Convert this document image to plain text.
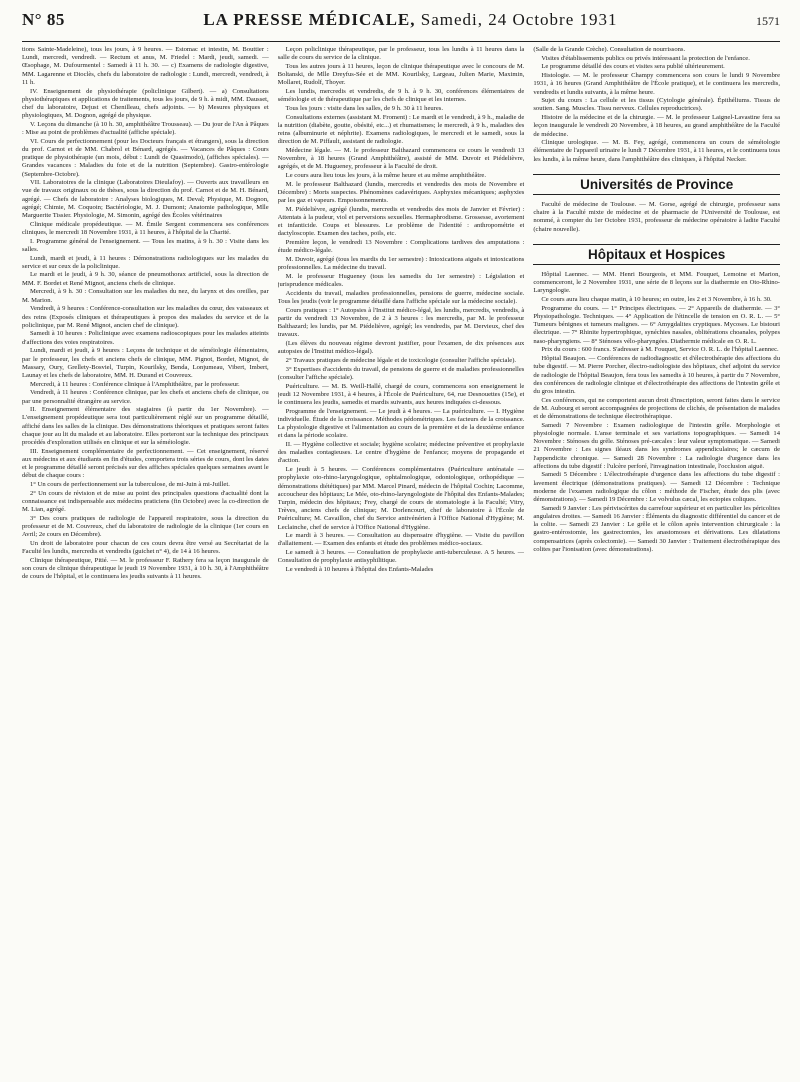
N° 85	LA PRESSE MÉDICALE, Samedi, 24 Octobre 1931	1571

tions Sainte-Madeleine), tous les jours, à 9 heures. — Estomac et intestin, M. Bouttier : Lundi, mercredi, vendredi. — Rectum et anus, M. Friedel : Mardi, jeudi, samedi. — Œsophage, M. Dufourmentel : Samedi à 11 h. 30. — c) Examens de radiologie digestive, MM. Lagarenne et Dioclès, chefs du laboratoire de radiologie : Lundi, mercredi, vendredi, à 11 h.

IV. Enseignement de physiothérapie (policlinique Gilbert). — a) Consultations physiothérapiques et applications de traitements, tous les jours, de 9 h. à midi, MM. Dausset, chef du laboratoire, Dejust et Chenilleau, chefs adjoints. — b) Mesures physiques et physiologiques, M. Dognon, agrégé de physique.

V. Leçons du dimanche (à 10 h. 30, amphithéâtre Trousseau). — Du jour de l'An à Pâques : Mise au point de problèmes d'actualité (affiche spéciale).

VI. Cours de perfectionnement (pour les Docteurs français et étrangers), sous la direction du prof. Carnot et de MM. Chabrol et Bénard, agrégés. — Vacances de Pâques : Cours pratique de physiothérapie (un mois, début : Lundi de Quasimodo), (affiches spéciales). — Grandes vacances : Maladies du foie et de la nutrition (Septembre). Gastro-entérologie (Septembre-Octobre).

VII. Laboratoires de la clinique (Laboratoires Dieulafoy). — Ouverts aux travailleurs en vue de travaux originaux ou de thèses, sous la direction du prof. Carnot et de M. H. Bénard, agrégé. — Chefs de laboratoire : Analyses biologiques, M. Deval; Physique, M. Dognon, agrégé; Chimie, M. Coquoin; Bactériologie, M. J. Dumont; Anatomie pathologique, Mlle Marguerite Tissier. Physiologie, M. Simonin, agrégé des Écoles vétérinaires

Clinique médicale propédeutique. — M. Émile Sergent commencera ses conférences cliniques, le mercredi 18 Novembre 1931, à 11 heures, à l'hôpital de la Charité.

I. Programme général de l'enseignement. — Tous les matins, à 9 h. 30 : Visite dans les salles.

Lundi, mardi et jeudi, à 11 heures : Démonstrations radiologiques sur les malades du service et sur ceux de la policlinique.

Le mardi et le jeudi, à 9 h. 30, séance de pneumothorax artificiel, sous la direction de MM. F. Bordet et René Mignot, anciens chefs de clinique.

Mercredi, à 9 h. 30 : Consultation sur les maladies du nez, du larynx et des oreilles, par M. Marion.

Vendredi, à 9 heures : Conférence-consultation sur les maladies du cœur, des vaisseaux et des reins (Exposés cliniques et thérapeutiques à propos des malades du service et de la policlinique, par M. René Mignot, ancien chef de clinique).

Samedi à 10 heures : Policlinique avec examens radioscopiques pour les malades atteints d'affections des voies respiratoires.

Lundi, mardi et jeudi, à 9 heures : Leçons de technique et de séméiologie élémentaires, par le professeur, les chefs et anciens chefs de clinique, MM. Pignot, Bordet, Mignot, de Massary, Oury, Grellety-Bosviel, Turpin, Kourilsky, Benda, Lonjumeau, Vibert, Imbert, Launay et les chefs de laboratoire, MM. H. Durand et Couvreux.

Mercredi, à 11 heures : Conférence clinique à l'Amphithéâtre, par le professeur.

Vendredi, à 11 heures : Conférence clinique, par les chefs et anciens chefs de clinique, ou par une personnalité étrangère au service.

II. Enseignement élémentaire des stagiaires (à partir du 1er Novembre). — L'enseignement propédeutique sera tout particulièrement réglé sur un programme détaillé, affiché dans les salles de la clinique. Des démonstrations théoriques et pratiques seront faites chaque jour au lit du malade et au laboratoire. Elles porteront sur la technique des principaux procédés d'exploration utilisés en clinique et sur la séméiologie.

III. Enseignement complémentaire de perfectionnement. — Cet enseignement, réservé aux médecins et aux étudiants en fin d'études, comportera trois séries de cours, dont les dates et le programme détaillé seront précisés sur des affiches spéciales quelques semaines avant le début de chaque cours :

1° Un cours de perfectionnement sur la tuberculose, de mi-Juin à mi-Juillet.

2° Un cours de révision et de mise au point des principales questions d'actualité dont la connaissance est indispensable aux médecins praticiens (fin Octobre) avec la co-direction de M. Lian, agrégé.

3° Des cours pratiques de radiologie de l'appareil respiratoire, sous la direction du professeur et de M. Couvreux, chef du laboratoire de radiologie de la clinique (1er cours en Avril; 2e cours en Décembre).

Un droit de laboratoire pour chacun de ces cours devra être versé au Secrétariat de la Faculté les lundis, mercredis et vendredis (guichet n° 4), de 14 à 16 heures.

Clinique thérapeutique, Pitié. — M. le professeur F. Rathery fera sa leçon inaugurale de son cours de clinique thérapeutique le jeudi 19 Novembre 1931, à 10 h. 30, à l'Amphithéâtre de cours de l'hôpital, et le continuera les jeudis suivants à 11 heures.

Leçon policlinique thérapeutique, par le professeur, tous les lundis à 11 heures dans la salle de cours du service de la clinique.

Tous les autres jours à 11 heures, leçon de clinique thérapeutique avec le concours de M. Boltanski, de Mlle Dreyfus-Sée et de MM. Kourilsky, Largeau, Julien Marie, Maximin, Mollaret, Rudolf, Thoyer.

Les lundis, mercredis et vendredis, de 9 h. à 9 h. 30, conférences élémentaires de séméiologie et de thérapeutique par les chefs de clinique et les internes.

Tous les jours : visite dans les salles, de 9 h. 30 à 11 heures.

Consultations externes (assistant M. Froment) : Le mardi et le vendredi, à 9 h., maladie de la nutrition (diabète, goutte, obésité, etc...) et rhumatismes; le mercredi, à 9 h., maladies des reins (albuminurie et néphrite). Examens radiologiques, le mercredi et le samedi, sous la direction de M. Piffault, assistant de radiologie.

Médecine légale. — M. le professeur Balthazard commencera ce cours le vendredi 13 Novembre, à 18 heures (Grand Amphithéâtre), assisté de MM. Duvoir et Piédelièvre, agrégés, et de M. Hugueney, professeur à la Faculté de droit.

Le cours aura lieu tous les jours, à la même heure et au même amphithéâtre.

M. le professeur Balthazard (lundis, mercredis et vendredis des mois de Novembre et Décembre) : Morts suspectes. Phénomènes cadavériques. Asphyxies mécaniques; asphyxies par les gaz et vapeurs. Empoisonnements.

M. Piédelièvre, agrégé (lundis, mercredis et vendredis des mois de Janvier et Février) : Attentats à la pudeur, viol et perversions sexuelles. Hermaphrodisme. Grossesse, avortement et infanticide. Coups et blessures. Le problème de l'identité : anthropométrie et dactyloscopie. Examen des taches, poils, etc.

Première leçon, le vendredi 13 Novembre : Complications tardives des amputations : étude médico-légale.

M. Duvoir, agrégé (tous les mardis du 1er semestre) : Intoxications aiguës et intoxications professionnelles. La médecine du travail.

M. le professeur Hugueney (tous les samedis du 1er semestre) : Législation et jurisprudence médicales.

Accidents du travail, maladies professionnelles, pensions de guerre, médecine sociale. Tous les jeudis (voir le programme détaillé dans l'affiche spéciale sur la médecine sociale).

Cours pratiques : 1° Autopsies à l'Institut médico-légal, les lundis, mercredis, vendredis, à partir du vendredi 13 Novembre, de 2 à 3 heures : les mercredis, par M. le professeur Balthazard; les lundis, par M. Piédelièvre, agrégé; les vendredis, par M. Dervieux, chef des travaux.

(Les élèves du nouveau régime devront justifier, pour l'examen, de dix présences aux autopsies de l'Institut médico-légal).

2° Travaux pratiques de médecine légale et de toxicologie (consulter l'affiche spéciale).

3° Expertises d'accidents du travail, de pensions de guerre et de maladies professionnelles (consulter l'affiche spéciale).

Puériculture. — M. B. Weill-Hallé, chargé de cours, commencera son enseignement le jeudi 12 Novembre 1931, à 4 heures, à l'École de Puériculture, 64, rue Desnouettes (15e), et le continuera les jeudis, samedis et mardis suivants, aux heures indiquées ci-dessous.

Programme de l'enseignement. — Le jeudi à 4 heures. — La puériculture. — I. Hygiène individuelle. Étude de la croissance. Méthodes pédométriques. Les facteurs de la croissance. La physiologie digestive et l'alimentation au cours de la première et de la deuxième enfance et dans la période scolaire.

II. — Hygiène collective et sociale; hygiène scolaire; médecine préventive et prophylaxie des maladies contagieuses. Le centre d'hygiène de l'enfance; moyens de propagande et d'action.

Le jeudi à 5 heures. — Conférences complémentaires (Puériculture anténatale — prophylaxie oto-rhino-laryngologique, ophtalmologique, odontologique, orthopédique — démonstrations diététiques) par MM. Marcel Pinard, médecin de l'hôpital Cochin; Lacomme, accoucheur des hôpitaux; Le Mée, oto-rhino-laryngologiste de l'hôpital des Enfants-Malades; Turpin, médecin des hôpitaux; Frey, chargé de cours de stomatologie à la Faculté; Vitry, Trèves, anciens chefs de clinique; M. Dorlencourt, chef de laboratoire à l'École de Puériculture; M. Cavaillon, chef du Service antivénérien à l'Office National d'Hygiène; M. Leclainche, chef de service à l'Office National d'Hygiène.

Le mardi à 3 heures. — Consultation au dispensaire d'hygiène. — Visite du pavillon d'allaitement. — Examen des enfants et étude des problèmes médico-sociaux.

Le samedi à 3 heures. — Consultation de prophylaxie anti-tuberculeuse. A 5 heures. — Consultation de prophylaxie antisyphilitique.

Le vendredi à 10 heures à l'hôpital des Enfants-Malades

(Salle de la Grande Crèche). Consultation de nourrissons.

Visites d'établissements publics ou privés intéressant la protection de l'enfance.

Le programme détaillé des cours et visites sera publié ultérieurement.

Histologie. — M. le professeur Champy commencera son cours le lundi 9 Novembre 1931, à 16 heures (Grand Amphithéâtre de l'École pratique), et le continuera les mercredis, vendredis et lundis suivants, à la même heure.

Sujet du cours : La cellule et les tissus (Cytologie générale). Épithéliums. Tissus de soutien. Sang. Muscles. Tissu nerveux. Cellules reproductrices).

Histoire de la médecine et de la chirurgie. — M. le professeur Laignel-Lavastine fera sa leçon inaugurale le vendredi 20 Novembre, à 18 heures, au grand amphithéâtre de la Faculté de médecine.

Clinique urologique. — M. B. Fey, agrégé, commencera un cours de séméiologie élémentaire de l'appareil urinaire le lundi 7 Décembre 1931, à 11 heures, et le continuera tous les lundis, à la même heure, dans l'amphithéâtre des cliniques, à l'hôpital Necker.

Universités de Province

Faculté de médecine de Toulouse. — M. Gorse, agrégé de chirurgie, professeur sans chaire à la Faculté mixte de médecine et de pharmacie de l'Université de Toulouse, est nommé, à compter du 1er Octobre 1931, professeur de médecine opératoire à ladite Faculté (chaire nouvelle).

Hôpitaux et Hospices

Hôpital Laennec. — MM. Henri Bourgeois, et MM. Fouquet, Lemoine et Marion, commenceront, le 2 Novembre 1931, une série de 8 leçons sur la diathermie en Oto-Rhino-Laryngologie.

Ce cours aura lieu chaque matin, à 10 heures; en outre, les 2 et 3 Novembre, à 16 h. 30.

Programme du cours. — 1° Principes électriques. — 2° Appareils de diathermie. — 3° Physiopathologie. Techniques. — 4° Application de l'étincelle de tension en O. R. L. — 5° Tumeurs bénignes et tumeurs malignes. — 6° Amygdalites cryptiques. Mycoses. Le bistouri électrique. — 7° Rhinite hypertrophique, synéchies nasales, oblitérations choanales, polypes naso-pharyngiens. — 8° Sténoses vélo-pharyngées. Diathermie médicale en O. R. L.

Prix du cours : 600 francs. S'adresser à M. Fouquet, Service O. R. L. de l'hôpital Laennec.

Hôpital Beaujon. — Conférences de radiodiagnostic et d'électrothérapie des affections du tube digestif. — M. Pierre Porcher, électro-radiologiste des hôpitaux, chef adjoint du service de radiologie de l'hôpital Beaujon, fera tous les samedis à 10 heures, à partir du 7 Novembre, des conférences de radiologie clinique et d'électrothérapie des affections de l'intestin grêle et du gros intestin.

Ces conférences, qui ne comportent aucun droit d'inscription, seront faites dans le service de M. Aubourg et seront accompagnées de projections de clichés, de présentation de malades et de démonstrations de technique électrothérapique.

Samedi 7 Novembre : Examen radiologique de l'intestin grêle. Morphologie et physiologie normale. L'anse terminale et ses variations topographiques. — Samedi 14 Novembre : Sténoses du grêle. Sténoses pré-cæcales : leur valeur symptomatique. — Samedi 21 Novembre : Les signes iléaux dans les syndromes appendiculaires; le cæcum de l'appendicite chronique. — Samedi 28 Novembre : La radiologie d'urgence dans les affections du tube digestif : l'ulcère perforé, l'invagination intestinale, l'occlusion aiguë.

Samedi 5 Décembre : L'électrothérapie d'urgence dans les affections du tube digestif : lavement électrique (démonstrations pratiques). — Samedi 12 Décembre : Technique moderne de l'examen radiologique du côlon : méthode de Fischer, étude des plis (avec démonstrations). — Samedi 19 Décembre : Le volvulus cæcal, les ectopies coliques.

Samedi 9 Janvier : Les périviscérites du carrefour supérieur et en particulier les péricolites angulaires droites. — Samedi 16 Janvier : Éléments du diagnostic différentiel du cancer et de la colite. — Samedi 23 Janvier : Le grêle et le côlon après intervention chirurgicale : la gastro-entérostomie, les gastrectomies, les anastomoses et dérivations. Les dilatations compensatrices (après colectomie). — Samedi 30 Janvier : Traitement électrothérapique des colites par l'ionisation (avec démonstrations).
